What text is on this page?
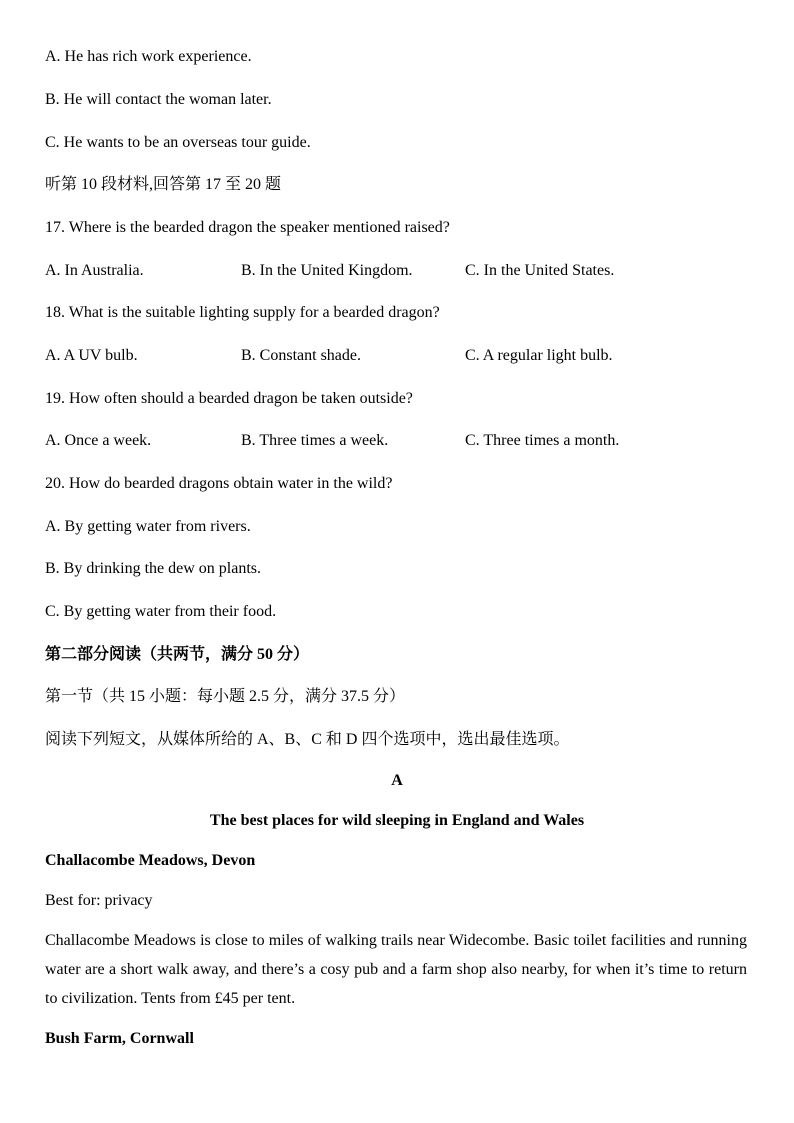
A. He has rich work experience.
B. He will contact the woman later.
C. He wants to be an overseas tour guide.
听第 10 段材料,回答第 17 至 20 题
17. Where is the bearded dragon the speaker mentioned raised?
A. In Australia.	B. In the United Kingdom.	C. In the United States.
18. What is the suitable lighting supply for a bearded dragon?
A. A UV bulb.	B. Constant shade.	C. A regular light bulb.
19. How often should a bearded dragon be taken outside?
A. Once a week.	B. Three times a week.	C. Three times a month.
20. How do bearded dragons obtain water in the wild?
A. By getting water from rivers.
B. By drinking the dew on plants.
C. By getting water from their food.
第二部分阅读（共两节，满分 50 分）
第一节（共 15 小题：每小题 2.5 分，满分 37.5 分）
阅读下列短文，从媒体所给的 A、B、C 和 D 四个选项中，选出最佳选项。
A
The best places for wild sleeping in England and Wales
Challacombe Meadows, Devon
Best for: privacy
Challacombe Meadows is close to miles of walking trails near Widecombe. Basic toilet facilities and running water are a short walk away, and there’s a cosy pub and a farm shop also nearby, for when it’s time to return to civilization. Tents from £45 per tent.
Bush Farm, Cornwall
